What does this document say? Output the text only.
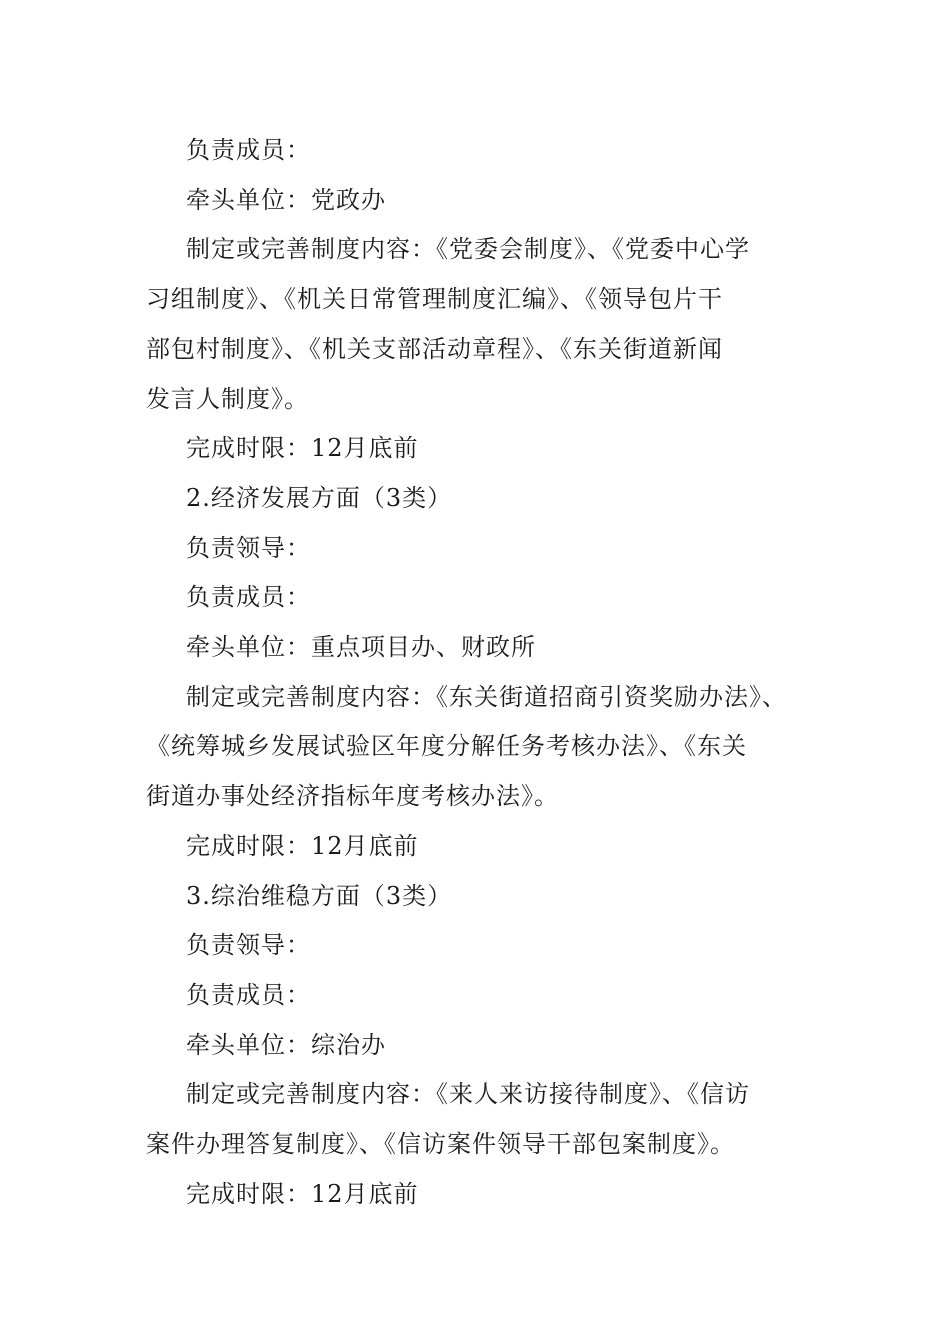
负责成员：

牵头单位：党政办

制定或完善制度内容：《党委会制度》、《党委中心学

习组制度》、《机关日常管理制度汇编》、《领导包片干

部包村制度》、《机关支部活动章程》、《东关街道新闻

发言人制度》。

完成时限：12月底前

2.经济发展方面（3类）

负责领导：

负责成员：

牵头单位：重点项目办、财政所

制定或完善制度内容：《东关街道招商引资奖励办法》、

《统筹城乡发展试验区年度分解任务考核办法》、《东关

街道办事处经济指标年度考核办法》。

完成时限：12月底前

3.综治维稳方面（3类）

负责领导：

负责成员：

牵头单位：综治办

制定或完善制度内容：《来人来访接待制度》、《信访

案件办理答复制度》、《信访案件领导干部包案制度》。

完成时限：12月底前
